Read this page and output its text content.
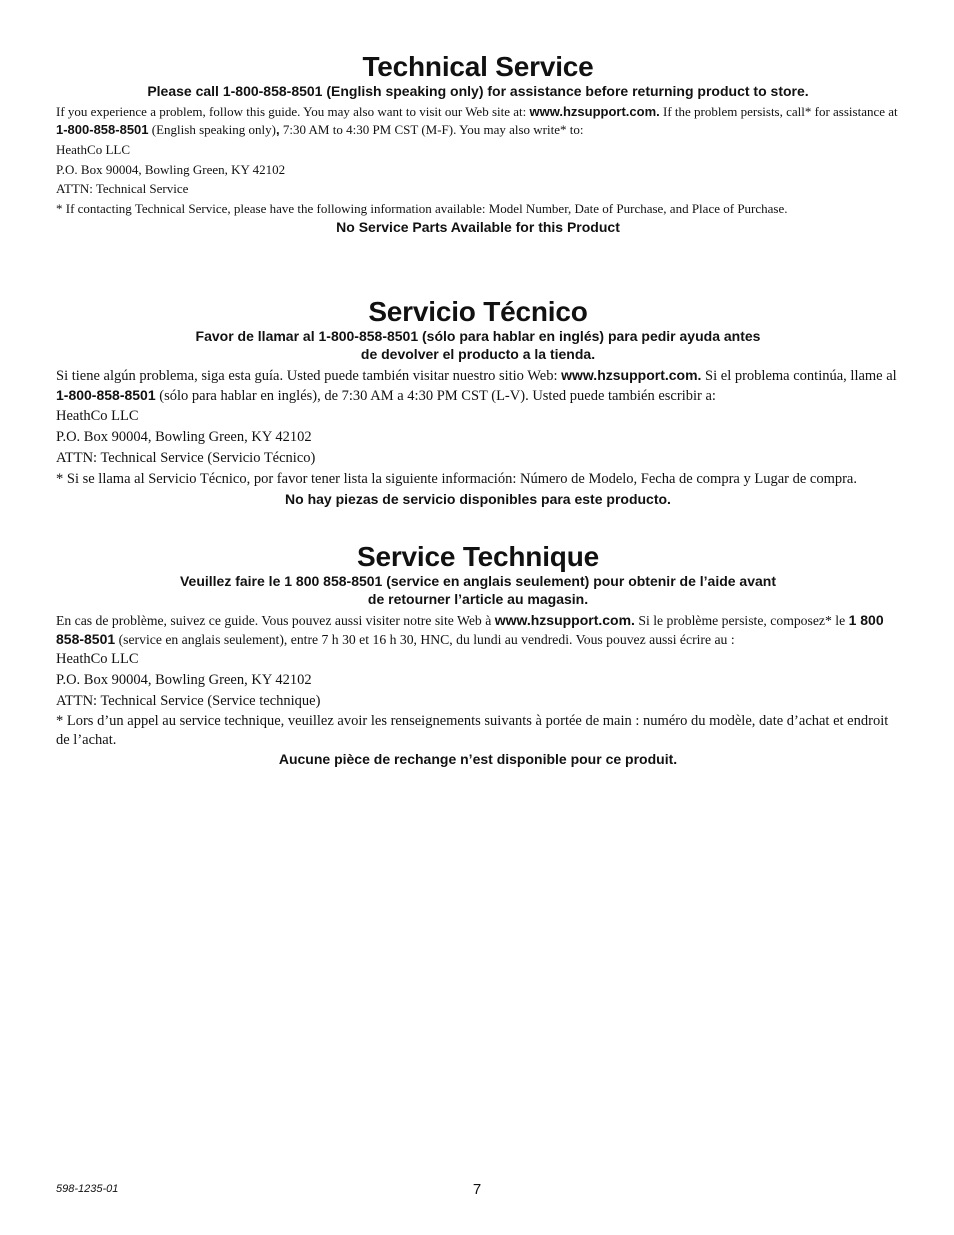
Technical Service

Please call 1-800-858-8501 (English speaking only) for assistance before returning product to store.

If you experience a problem, follow this guide. You may also want to visit our Web site at: www.hzsupport.com. If the problem persists, call* for assistance at 1-800-858-8501 (English speaking only), 7:30 AM to 4:30 PM CST (M-F). You may also write* to:

HeathCo LLC

P.O. Box 90004, Bowling Green, KY 42102

ATTN: Technical Service

* If contacting Technical Service, please have the following information available: Model Number, Date of Purchase, and Place of Purchase.

No Service Parts Available for this Product

Servicio Técnico

Favor de llamar al 1-800-858-8501 (sólo para hablar en inglés) para pedir ayuda antes

de devolver el producto a la tienda.

Si tiene algún problema, siga esta guía. Usted puede también visitar nuestro sitio Web: www.hzsupport.com. Si el problema continúa, llame al 1-800-858-8501 (sólo para hablar en inglés), de 7:30 AM a 4:30 PM CST (L-V). Usted puede también escribir a:

HeathCo LLC

P.O. Box 90004, Bowling Green, KY 42102

ATTN: Technical Service (Servicio Técnico)

* Si se llama al Servicio Técnico, por favor tener lista la siguiente información: Número de Modelo, Fecha de compra y Lugar de compra.

No hay piezas de servicio disponibles para este producto.

Service Technique

Veuillez faire le 1 800 858-8501 (service en anglais seulement) pour obtenir de l’aide avant

de retourner l’article au magasin.

En cas de problème, suivez ce guide. Vous pouvez aussi visiter notre site Web à www.hzsupport.com. Si le problème persiste, composez* le 1 800 858-8501 (service en anglais seulement), entre 7 h 30 et 16 h 30, HNC, du lundi au vendredi. Vous pouvez aussi écrire au :

HeathCo LLC

P.O. Box 90004, Bowling Green, KY 42102

ATTN: Technical Service (Service technique)

* Lors d’un appel au service technique, veuillez avoir les renseignements suivants à portée de main : numéro du modèle, date d’achat et endroit de l’achat.

Aucune pièce de rechange n’est disponible pour ce produit.

598-1235-01	7
